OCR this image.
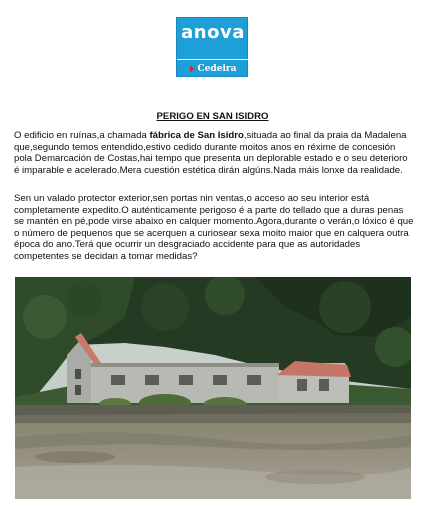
anova
Cedeira
PERIGO EN SAN ISIDRO

O edificio en ruínas,a chamada fábrica de San Isidro,situada ao final da praia da Madalena que,segundo temos entendido,estivo cedido durante moitos anos en réxime de concesión pola Demarcación de Costas,hai tempo que presenta un deplorable estado e o seu deterioro é imparable e acelerado.Mera cuestión estética dirán algúns.Nada máis lonxe da realidade.

Sen un valado protector exterior,sen portas nin ventas,o acceso ao seu interior está completamente expedito.O auténticamente perigoso é a parte do tellado que a duras penas se mantén en pé,pode virse abaixo en calquer momento.Agora,durante o verán,o lóxico é que o número de pequenos que se acerquen a curiosear sexa moito maior que en calquera outra época do ano.Terá que ocurrir un desgraciado accidente para que as autoridades competentes se decidan a tomar medidas?
